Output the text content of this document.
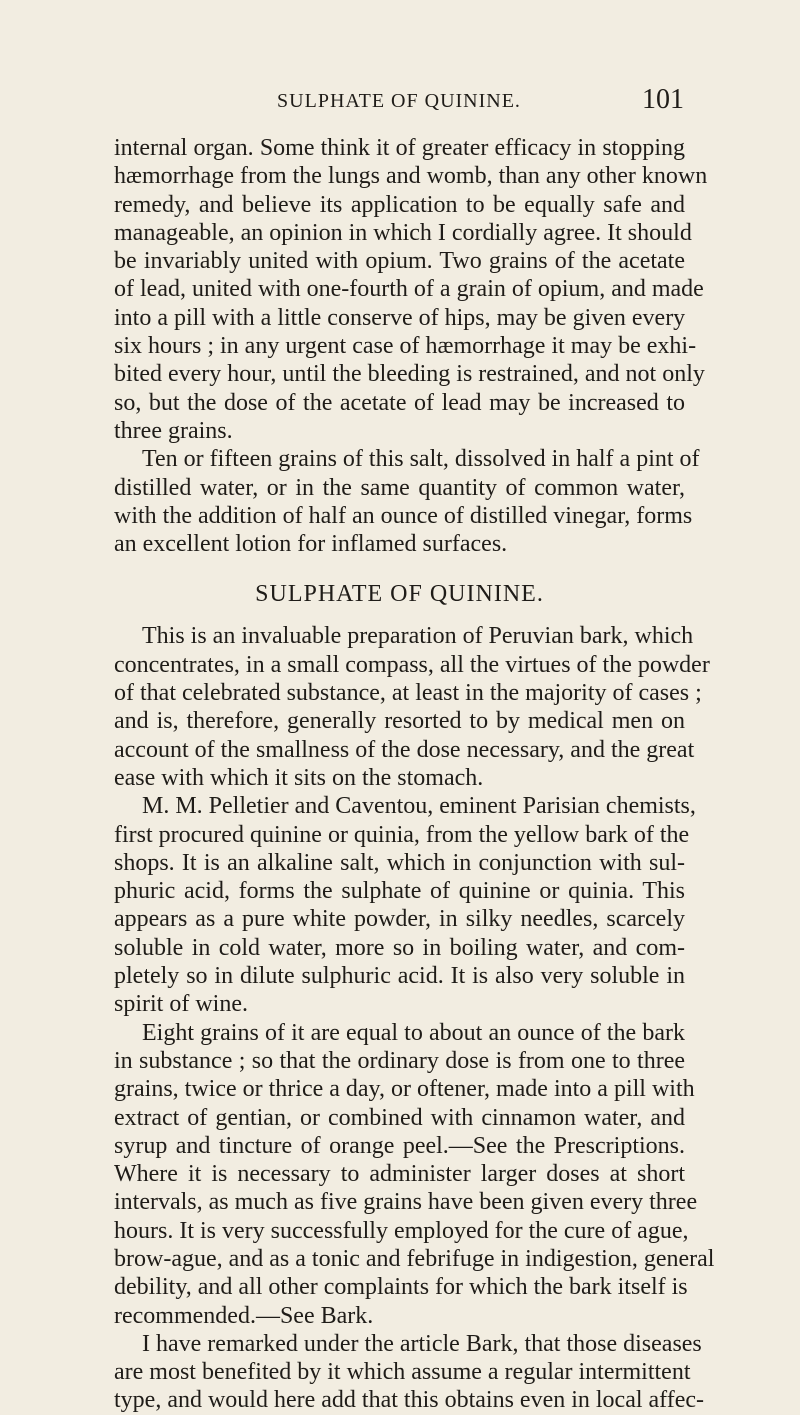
SULPHATE OF QUININE.	101
internal organ. Some think it of greater efficacy in stopping
hæmorrhage from the lungs and womb, than any other known
remedy, and believe its application to be equally safe and
manageable, an opinion in which I cordially agree. It should
be invariably united with opium. Two grains of the acetate
of lead, united with one-fourth of a grain of opium, and made
into a pill with a little conserve of hips, may be given every
six hours ; in any urgent case of hæmorrhage it may be exhi-
bited every hour, until the bleeding is restrained, and not only
so, but the dose of the acetate of lead may be increased to
three grains.
Ten or fifteen grains of this salt, dissolved in half a pint of
distilled water, or in the same quantity of common water,
with the addition of half an ounce of distilled vinegar, forms
an excellent lotion for inflamed surfaces.
SULPHATE OF QUININE.
This is an invaluable preparation of Peruvian bark, which
concentrates, in a small compass, all the virtues of the powder
of that celebrated substance, at least in the majority of cases ;
and is, therefore, generally resorted to by medical men on
account of the smallness of the dose necessary, and the great
ease with which it sits on the stomach.
M. M. Pelletier and Caventou, eminent Parisian chemists,
first procured quinine or quinia, from the yellow bark of the
shops. It is an alkaline salt, which in conjunction with sul-
phuric acid, forms the sulphate of quinine or quinia. This
appears as a pure white powder, in silky needles, scarcely
soluble in cold water, more so in boiling water, and com-
pletely so in dilute sulphuric acid. It is also very soluble in
spirit of wine.
Eight grains of it are equal to about an ounce of the bark
in substance ; so that the ordinary dose is from one to three
grains, twice or thrice a day, or oftener, made into a pill with
extract of gentian, or combined with cinnamon water, and
syrup and tincture of orange peel.—See the Prescriptions.
Where it is necessary to administer larger doses at short
intervals, as much as five grains have been given every three
hours. It is very successfully employed for the cure of ague,
brow-ague, and as a tonic and febrifuge in indigestion, general
debility, and all other complaints for which the bark itself is
recommended.—See Bark.
I have remarked under the article Bark, that those diseases
are most benefited by it which assume a regular intermittent
type, and would here add that this obtains even in local affec-
